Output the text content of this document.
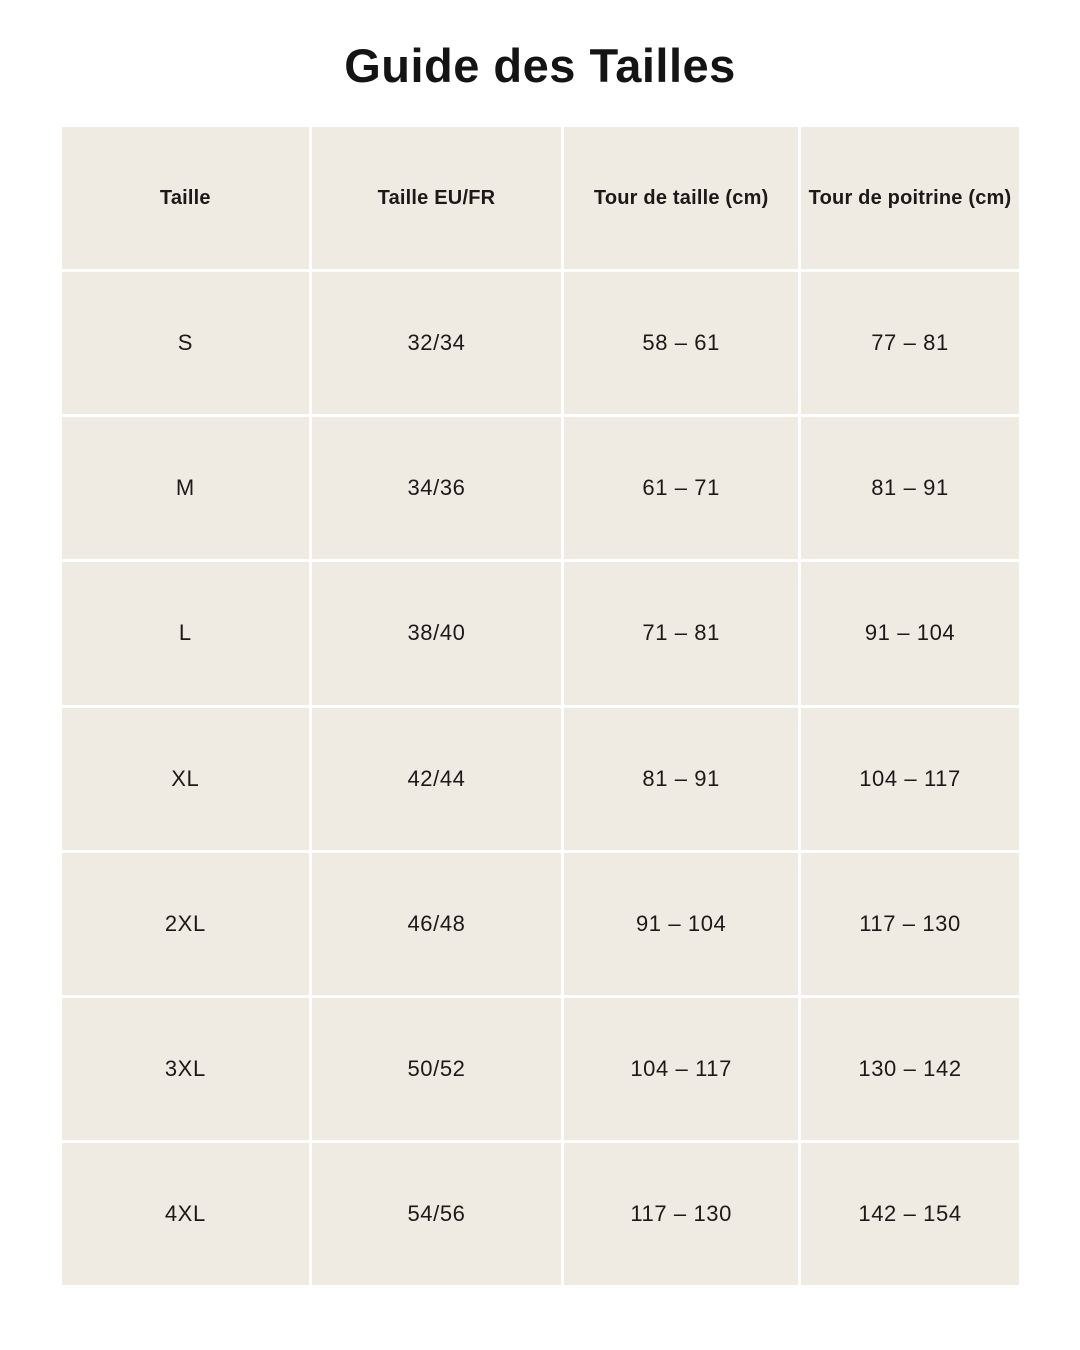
Guide des Tailles
Taille	Taille EU/FR	Tour de taille (cm)	Tour de poitrine (cm)
S	32/34	58 – 61	77 – 81
M	34/36	61 – 71	81 – 91
L	38/40	71 – 81	91 – 104
XL	42/44	81 – 91	104 – 117
2XL	46/48	91 – 104	117 – 130
3XL	50/52	104 – 117	130 – 142
4XL	54/56	117 – 130	142 – 154
